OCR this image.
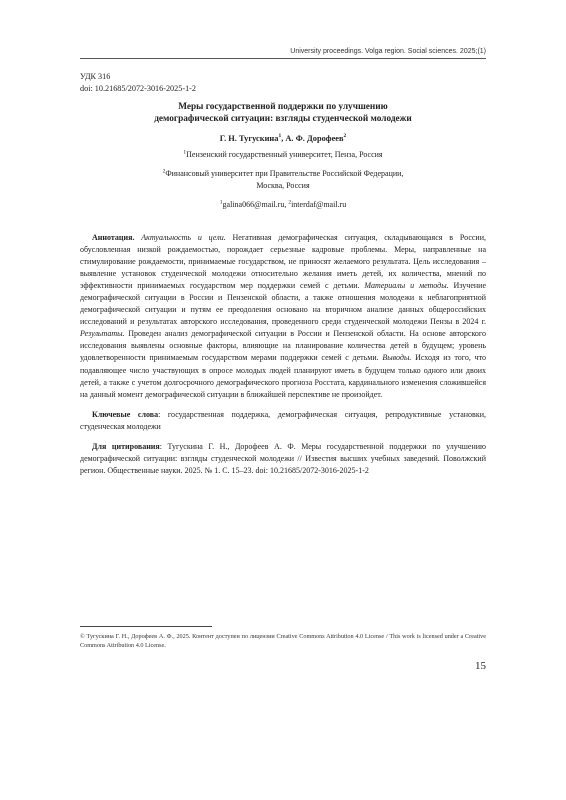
University proceedings. Volga region. Social sciences. 2025;(1)
УДК 316
doi: 10.21685/2072-3016-2025-1-2
Меры государственной поддержки по улучшению
демографической ситуации: взгляды студенческой молодежи
Г. Н. Тугускина$^1$, А. Ф. Дорофеев$^2$
$^1$Пензенский государственный университет, Пенза, Россия
$^2$Финансовый университет при Правительстве Российской Федерации,
Москва, Россия
$^1$galina066@mail.ru, $^2$interdaf@mail.ru

Аннотация. Актуальность и цели. Негативная демографическая ситуация, складывающаяся в России, обусловленная низкой рождаемостью, порождает серьезные кадровые проблемы. Меры, направленные на стимулирование рождаемости, принимаемые государством, не приносят желаемого результата. Цель исследования – выявление установок студенческой молодежи относительно желания иметь детей, их количества, мнений по эффективности принимаемых государством мер поддержки семей с детьми. Материалы и методы. Изучение демографической ситуации в России и Пензенской области, а также отношения молодежи к неблагоприятной демографической ситуации и путям ее преодоления основано на вторичном анализе данных общероссийских исследований и результатах авторского исследования, проведенного среди студенческой молодежи Пензы в 2024 г. Результаты. Проведен анализ демографической ситуации в России и Пензенской области. На основе авторского исследования выявлены основные факторы, влияющие на планирование количества детей в будущем; уровень удовлетворенности принимаемым государством мерами поддержки семей с детьми. Выводы. Исходя из того, что подавляющее число участвующих в опросе молодых людей планируют иметь в будущем только одного или двоих детей, а также с учетом долгосрочного демографического прогноза Росстата, кардинального изменения сложившейся на данный момент демографической ситуации в ближайшей перспективе не произойдет.

Ключевые слова: государственная поддержка, демографическая ситуация, репродуктивные установки, студенческая молодежи

Для цитирования: Тугускина Г. Н., Дорофеев А. Ф. Меры государственной поддержки по улучшению демографической ситуации: взгляды студенческой молодежи // Известия высших учебных заведений. Поволжский регион. Общественные науки. 2025. № 1. С. 15–23. doi: 10.21685/2072-3016-2025-1-2

© Тугускина Г. Н., Дорофеев А. Ф., 2025. Контент доступен по лицензии Creative Commons Attribution 4.0 License / This work is licensed under a Creative Commons Attribution 4.0 License.
15
